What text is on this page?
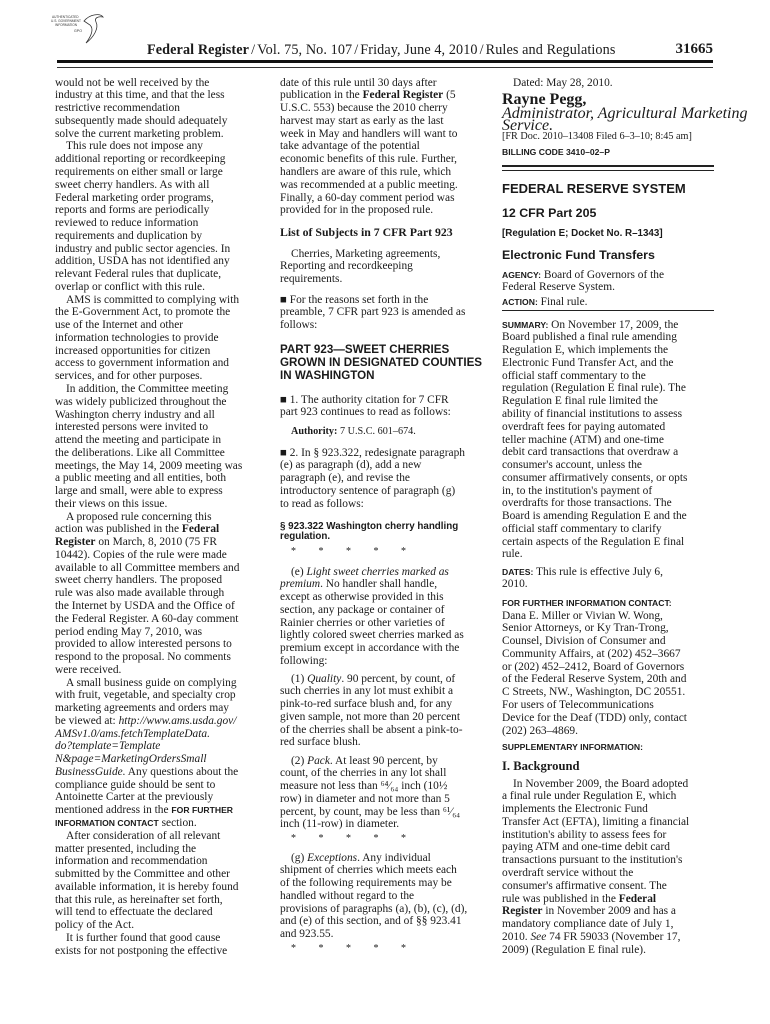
AUTHENTICATED
U.S. GOVERNMENT
INFORMATION
GPO
Federal Register / Vol. 75, No. 107 / Friday, June 4, 2010 / Rules and Regulations	31665
would not be well received by the
industry at this time, and that the less
restrictive recommendation
subsequently made should adequately
solve the current marketing problem.
This rule does not impose any
additional reporting or recordkeeping
requirements on either small or large
sweet cherry handlers. As with all
Federal marketing order programs,
reports and forms are periodically
reviewed to reduce information
requirements and duplication by
industry and public sector agencies. In
addition, USDA has not identified any
relevant Federal rules that duplicate,
overlap or conflict with this rule.
AMS is committed to complying with
the E-Government Act, to promote the
use of the Internet and other
information technologies to provide
increased opportunities for citizen
access to government information and
services, and for other purposes.
In addition, the Committee meeting
was widely publicized throughout the
Washington cherry industry and all
interested persons were invited to
attend the meeting and participate in
the deliberations. Like all Committee
meetings, the May 14, 2009 meeting was
a public meeting and all entities, both
large and small, were able to express
their views on this issue.
A proposed rule concerning this
action was published in the Federal
Register on March, 8, 2010 (75 FR
10442). Copies of the rule were made
available to all Committee members and
sweet cherry handlers. The proposed
rule was also made available through
the Internet by USDA and the Office of
the Federal Register. A 60-day comment
period ending May 7, 2010, was
provided to allow interested persons to
respond to the proposal. No comments
were received.
A small business guide on complying
with fruit, vegetable, and specialty crop
marketing agreements and orders may
be viewed at: http://www.ams.usda.gov/
AMSv1.0/ams.fetchTemplateData.
do?template=Template
N&page=MarketingOrdersSmall
BusinessGuide. Any questions about the
compliance guide should be sent to
Antoinette Carter at the previously
mentioned address in the FOR FURTHER
INFORMATION CONTACT section.
After consideration of all relevant
matter presented, including the
information and recommendation
submitted by the Committee and other
available information, it is hereby found
that this rule, as hereinafter set forth,
will tend to effectuate the declared
policy of the Act.
It is further found that good cause
exists for not postponing the effective
date of this rule until 30 days after
publication in the Federal Register (5
U.S.C. 553) because the 2010 cherry
harvest may start as early as the last
week in May and handlers will want to
take advantage of the potential
economic benefits of this rule. Further,
handlers are aware of this rule, which
was recommended at a public meeting.
Finally, a 60-day comment period was
provided for in the proposed rule.
List of Subjects in 7 CFR Part 923
Cherries, Marketing agreements,
Reporting and recordkeeping
requirements.
■ For the reasons set forth in the
preamble, 7 CFR part 923 is amended as
follows:
PART 923—SWEET CHERRIES
GROWN IN DESIGNATED COUNTIES
IN WASHINGTON
■ 1. The authority citation for 7 CFR
part 923 continues to read as follows:
Authority: 7 U.S.C. 601–674.
■ 2. In § 923.322, redesignate paragraph
(e) as paragraph (d), add a new
paragraph (e), and revise the
introductory sentence of paragraph (g)
to read as follows:
§ 923.322 Washington cherry handling
regulation.
* * * * *
(e) Light sweet cherries marked as
premium. No handler shall handle,
except as otherwise provided in this
section, any package or container of
Rainier cherries or other varieties of
lightly colored sweet cherries marked as
premium except in accordance with the
following:
(1) Quality. 90 percent, by count, of
such cherries in any lot must exhibit a
pink-to-red surface blush and, for any
given sample, not more than 20 percent
of the cherries shall be absent a pink-to-
red surface blush.
(2) Pack. At least 90 percent, by
count, of the cherries in any lot shall
measure not less than ⁶⁴⁄₆₄ inch (10½
row) in diameter and not more than 5
percent, by count, may be less than ⁶¹⁄₆₄
inch (11-row) in diameter.
* * * * *
(g) Exceptions. Any individual
shipment of cherries which meets each
of the following requirements may be
handled without regard to the
provisions of paragraphs (a), (b), (c), (d),
and (e) of this section, and of §§ 923.41
and 923.55.
* * * * *
Dated: May 28, 2010.
Rayne Pegg,
Administrator, Agricultural Marketing
Service.
[FR Doc. 2010–13408 Filed 6–3–10; 8:45 am]
BILLING CODE 3410–02–P
FEDERAL RESERVE SYSTEM
12 CFR Part 205
[Regulation E; Docket No. R–1343]
Electronic Fund Transfers
AGENCY: Board of Governors of the
Federal Reserve System.
ACTION: Final rule.
SUMMARY: On November 17, 2009, the
Board published a final rule amending
Regulation E, which implements the
Electronic Fund Transfer Act, and the
official staff commentary to the
regulation (Regulation E final rule). The
Regulation E final rule limited the
ability of financial institutions to assess
overdraft fees for paying automated
teller machine (ATM) and one-time
debit card transactions that overdraw a
consumer's account, unless the
consumer affirmatively consents, or opts
in, to the institution's payment of
overdrafts for those transactions. The
Board is amending Regulation E and the
official staff commentary to clarify
certain aspects of the Regulation E final
rule.
DATES: This rule is effective July 6,
2010.
FOR FURTHER INFORMATION CONTACT:
Dana E. Miller or Vivian W. Wong,
Senior Attorneys, or Ky Tran-Trong,
Counsel, Division of Consumer and
Community Affairs, at (202) 452–3667
or (202) 452–2412, Board of Governors
of the Federal Reserve System, 20th and
C Streets, NW., Washington, DC 20551.
For users of Telecommunications
Device for the Deaf (TDD) only, contact
(202) 263–4869.
SUPPLEMENTARY INFORMATION:
I. Background
In November 2009, the Board adopted
a final rule under Regulation E, which
implements the Electronic Fund
Transfer Act (EFTA), limiting a financial
institution's ability to assess fees for
paying ATM and one-time debit card
transactions pursuant to the institution's
overdraft service without the
consumer's affirmative consent. The
rule was published in the Federal
Register in November 2009 and has a
mandatory compliance date of July 1,
2010. See 74 FR 59033 (November 17,
2009) (Regulation E final rule).
